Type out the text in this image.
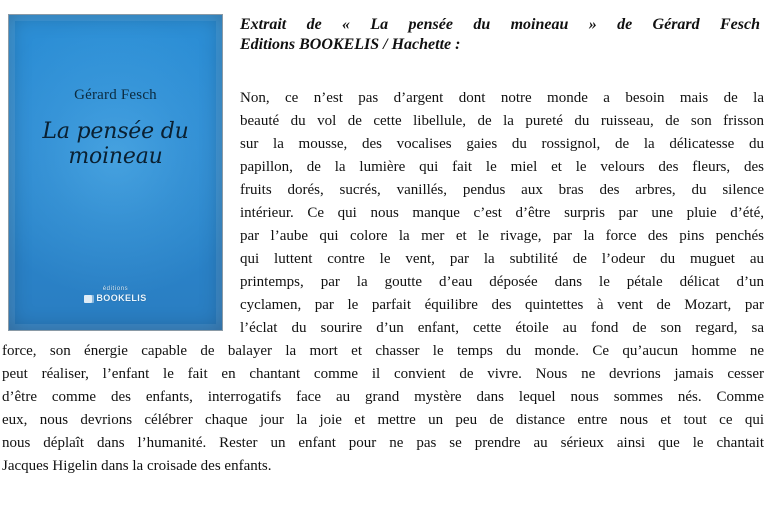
Gérard Fesch
La pensée du moineau
éditions
BOOKELIS
Extrait de « La pensée du moineau » de Gérard Fesch
Editions BOOKELIS / Hachette :
Non, ce n’est pas d’argent dont notre monde a besoin mais de la
beauté du vol de cette libellule, de la pureté du ruisseau, de son frisson
sur la mousse, des vocalises gaies du rossignol, de la délicatesse du
papillon, de la lumière qui fait le miel et le velours des fleurs, des
fruits dorés, sucrés, vanillés, pendus aux bras des arbres, du silence
intérieur. Ce qui nous manque c’est d’être surpris par une pluie d’été,
par l’aube qui colore la mer et le rivage, par la force des pins penchés
qui luttent contre le vent, par la subtilité de l’odeur du muguet au
printemps, par la goutte d’eau déposée dans le pétale délicat d’un
cyclamen, par le parfait équilibre des quintettes à vent de Mozart, par
l’éclat du sourire d’un enfant, cette étoile au fond de son regard, sa
force, son énergie capable de balayer la mort et chasser le temps du monde. Ce qu’aucun homme ne
peut réaliser, l’enfant le fait en chantant comme il convient de vivre. Nous ne devrions jamais cesser
d’être comme des enfants, interrogatifs face au grand mystère dans lequel nous sommes nés. Comme
eux, nous devrions célébrer chaque jour la joie et mettre un peu de distance entre nous et tout ce qui
nous déplaît dans l’humanité. Rester un enfant pour ne pas se prendre au sérieux ainsi que le chantait
Jacques Higelin dans la croisade des enfants.
